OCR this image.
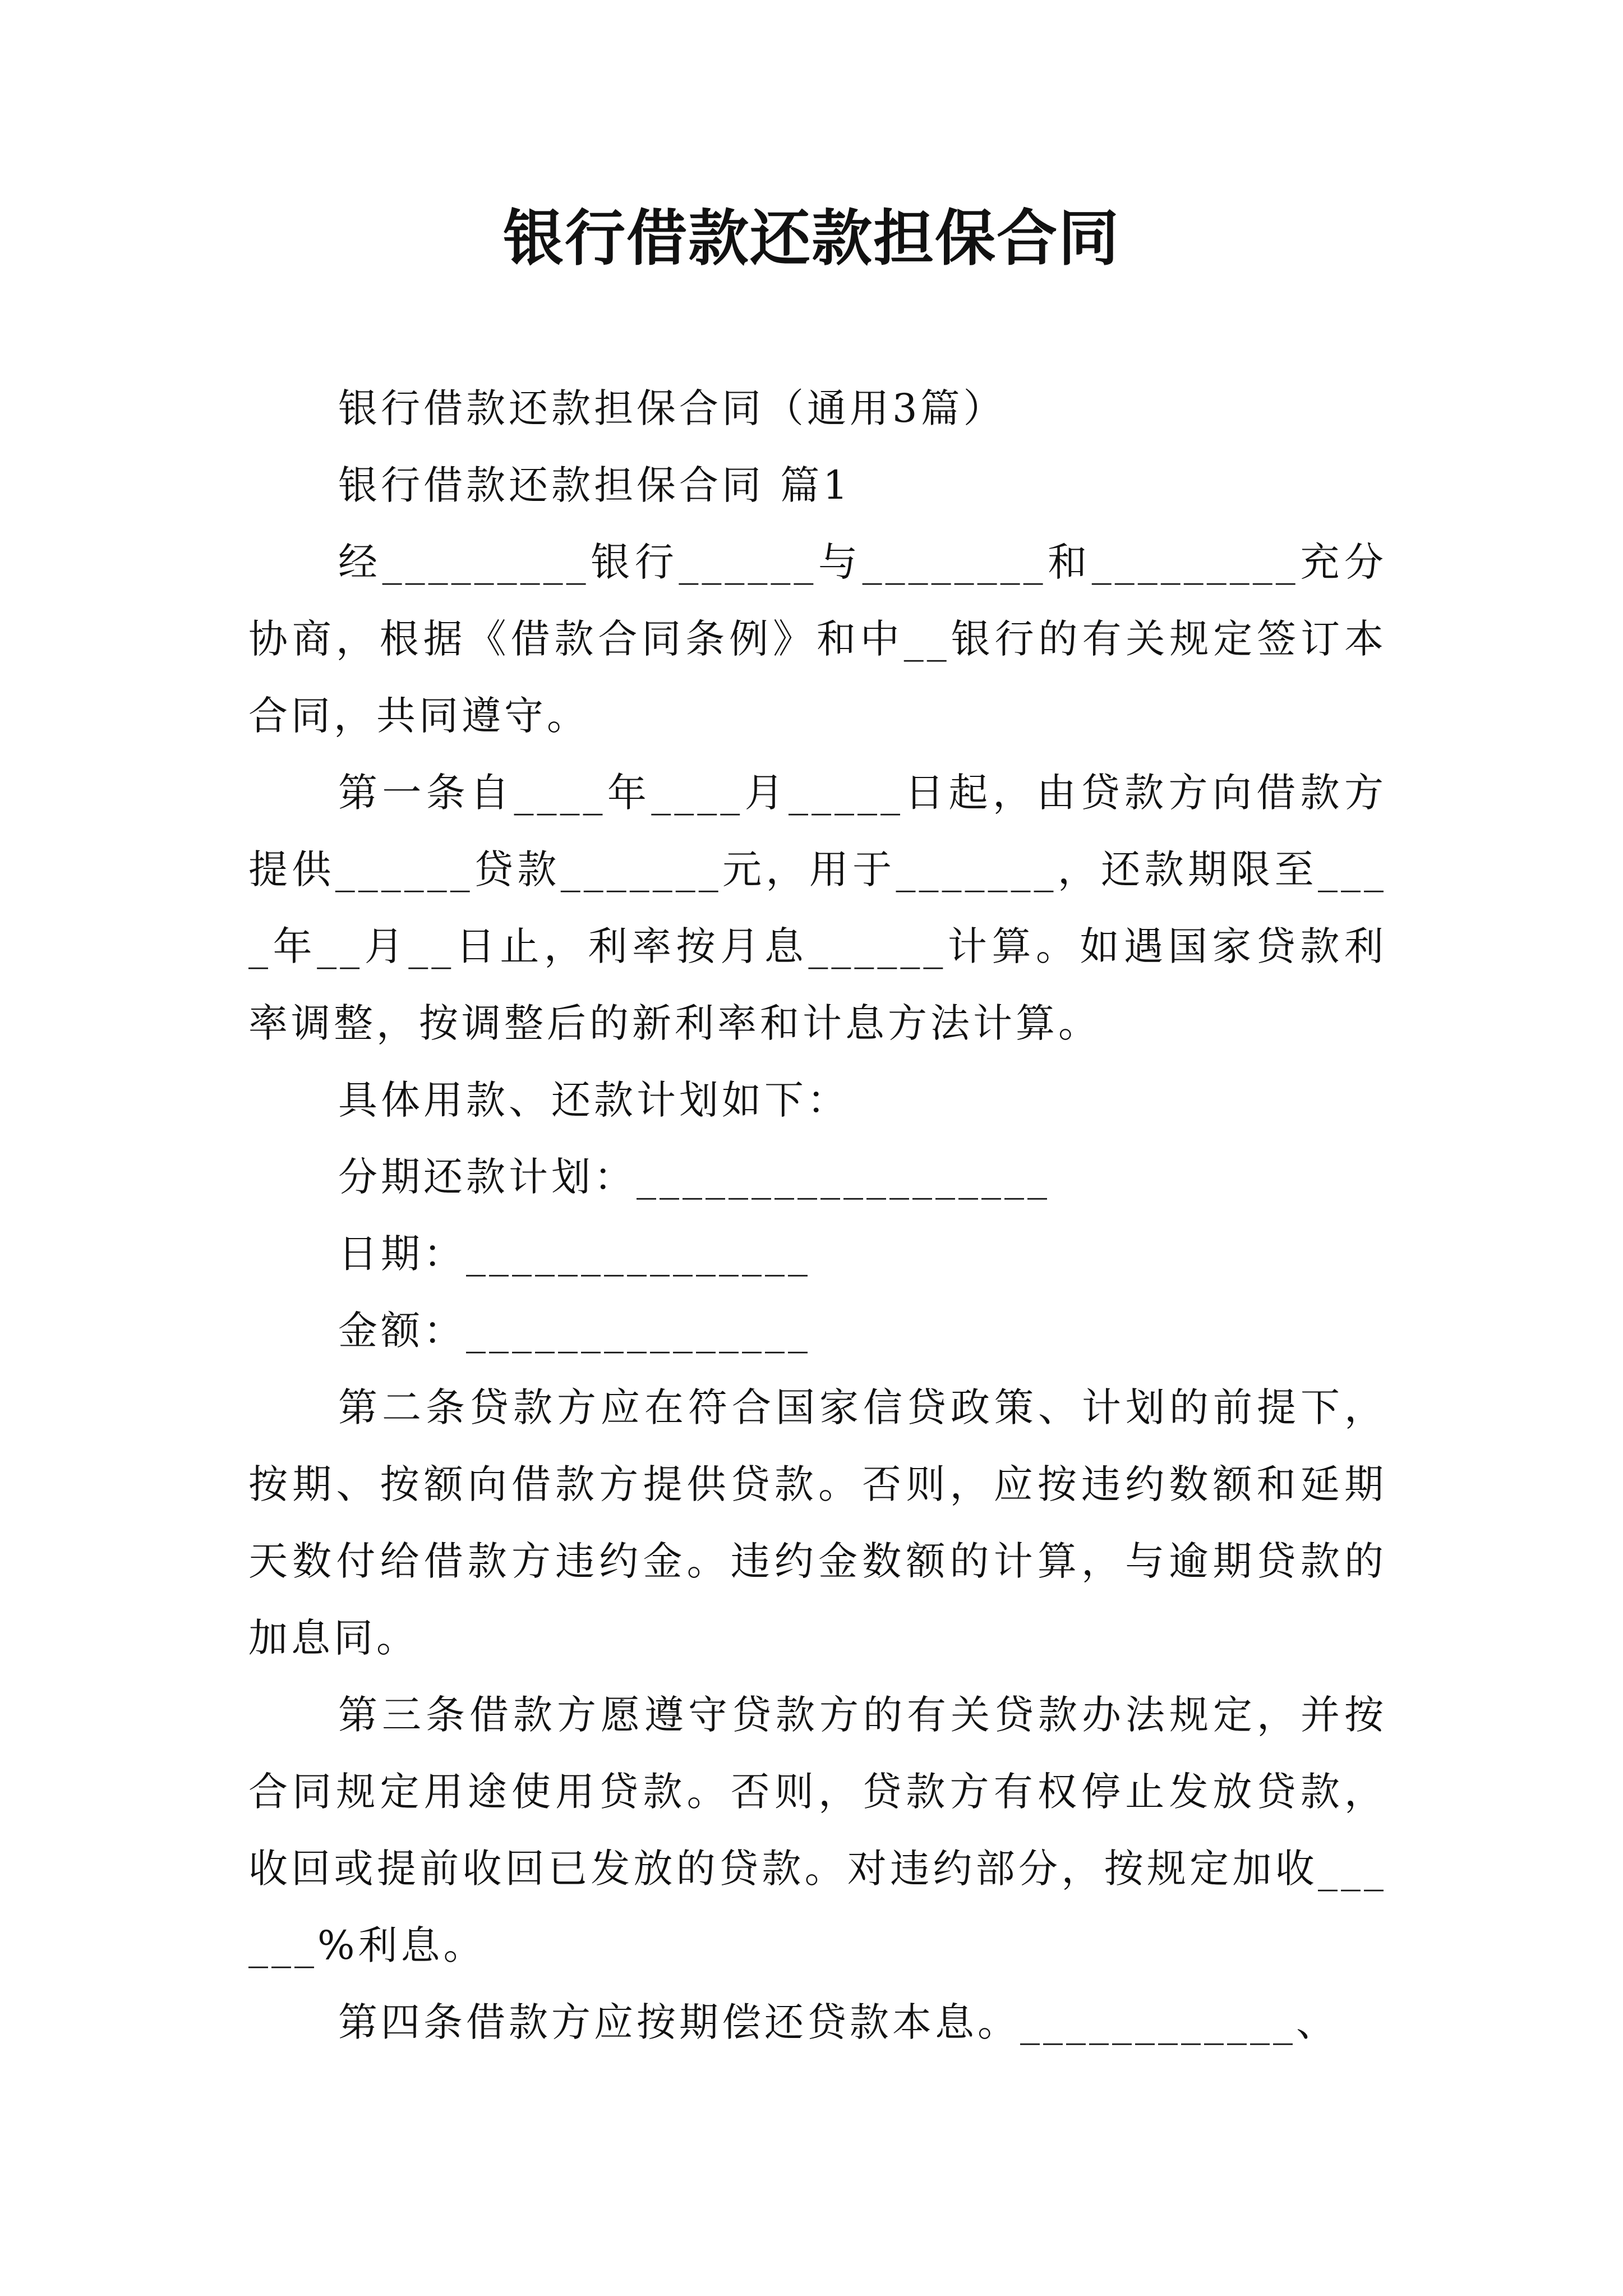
银行借款还款担保合同

银行借款还款担保合同（通用3篇）

银行借款还款担保合同 篇1

经_________银行______与________和_________充分协商，根据《借款合同条例》和中__银行的有关规定签订本合同，共同遵守。

第一条自____年____月_____日起，由贷款方向借款方提供______贷款_______元，用于_______，还款期限至____年__月__日止，利率按月息______计算。如遇国家贷款利率调整，按调整后的新利率和计息方法计算。

具体用款、还款计划如下：

分期还款计划：__________________

日期：_______________

金额：_______________

第二条贷款方应在符合国家信贷政策、计划的前提下，按期、按额向借款方提供贷款。否则，应按违约数额和延期天数付给借款方违约金。违约金数额的计算，与逾期贷款的加息同。

第三条借款方愿遵守贷款方的有关贷款办法规定，并按合同规定用途使用贷款。否则，贷款方有权停止发放贷款，收回或提前收回已发放的贷款。对违约部分，按规定加收______%利息。

第四条借款方应按期偿还贷款本息。____________、
